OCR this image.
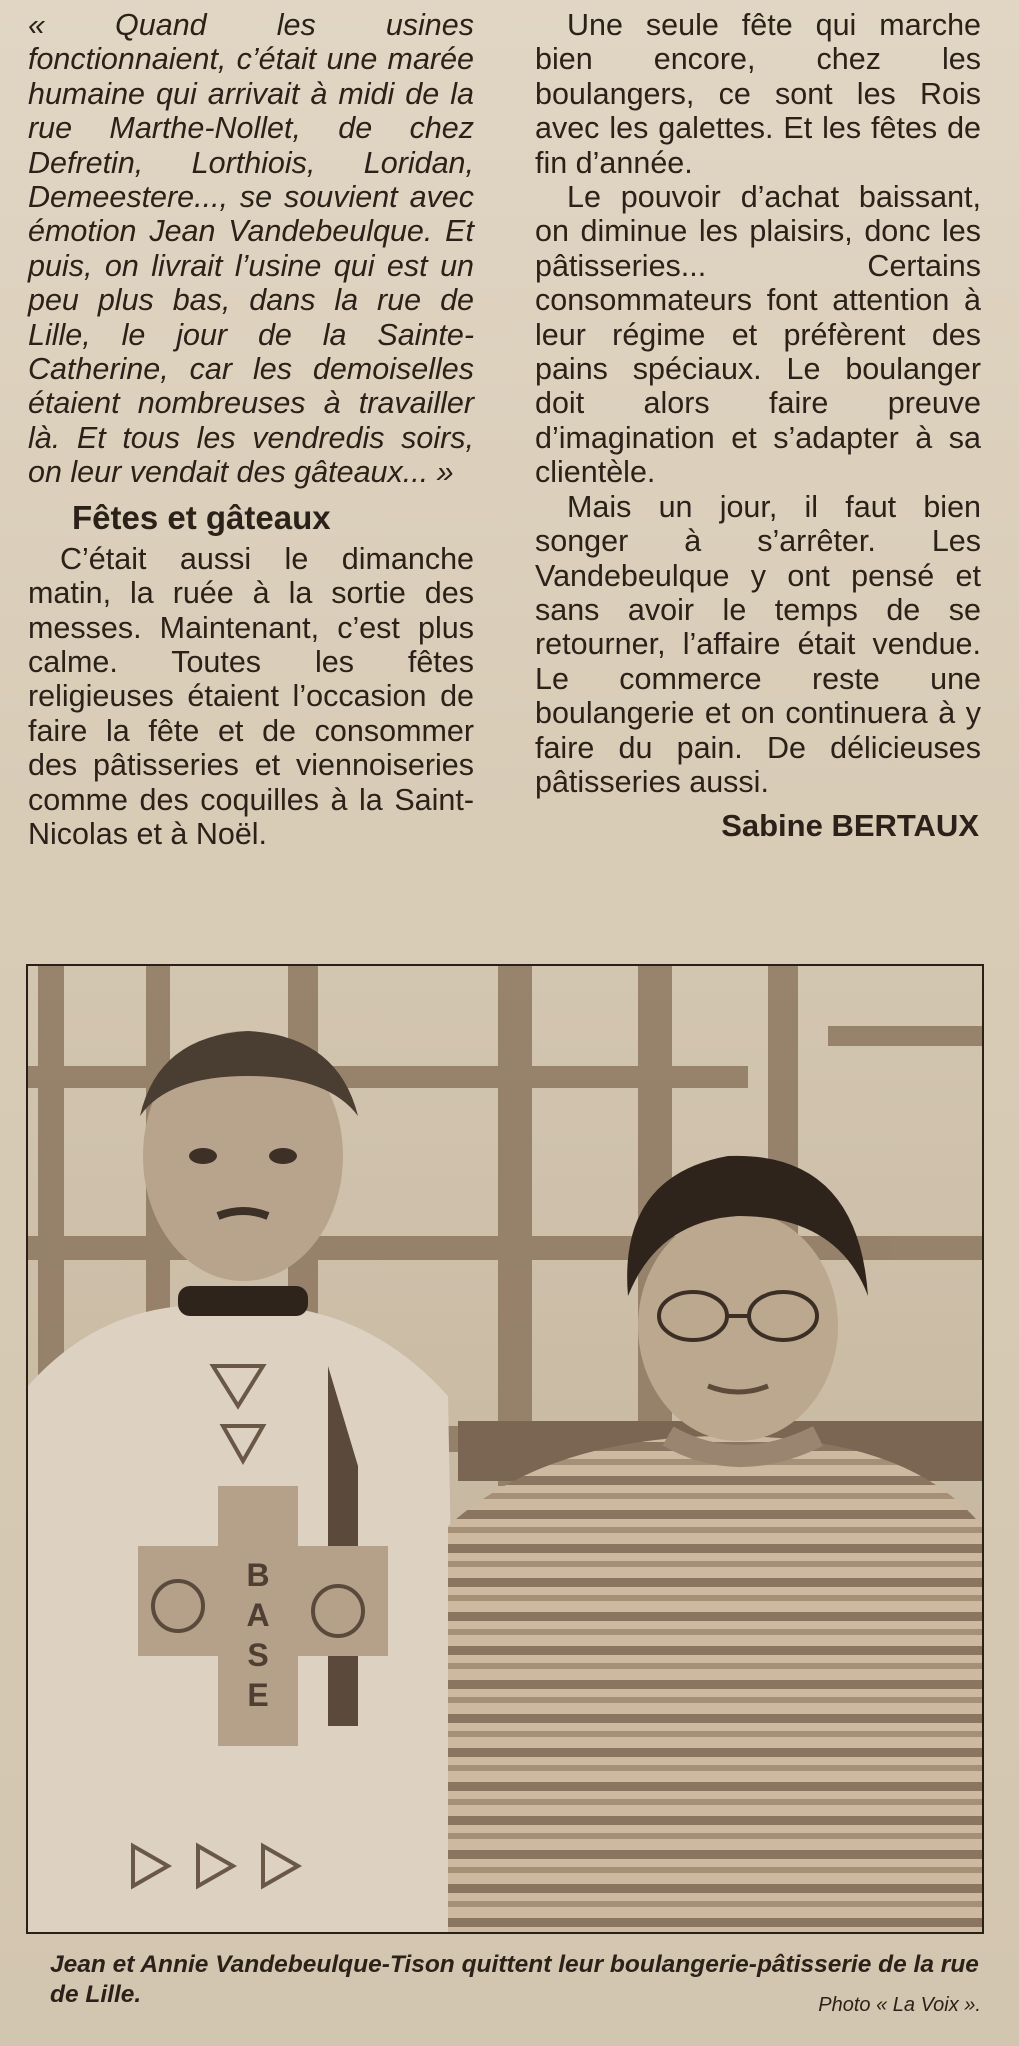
« Quand les usines fonctionnaient, c’était une marée humaine qui arrivait à midi de la rue Marthe-Nollet, de chez Defretin, Lorthiois, Loridan, Demeestere..., se souvient avec émotion Jean Vandebeulque. Et puis, on livrait l’usine qui est un peu plus bas, dans la rue de Lille, le jour de la Sainte-Catherine, car les demoiselles étaient nombreuses à travailler là. Et tous les vendredis soirs, on leur vendait des gâteaux... »

Fêtes et gâteaux

C’était aussi le dimanche matin, la ruée à la sortie des messes. Maintenant, c’est plus calme. Toutes les fêtes religieuses étaient l’occasion de faire la fête et de consommer des pâtisseries et viennoiseries comme des coquilles à la Saint-Nicolas et à Noël.

Une seule fête qui marche bien encore, chez les boulangers, ce sont les Rois avec les galettes. Et les fêtes de fin d’année.

Le pouvoir d’achat baissant, on diminue les plaisirs, donc les pâtisseries... Certains consommateurs font attention à leur régime et préfèrent des pains spéciaux. Le boulanger doit alors faire preuve d’imagination et s’adapter à sa clientèle.

Mais un jour, il faut bien songer à s’arrêter. Les Vandebeulque y ont pensé et sans avoir le temps de se retourner, l’affaire était vendue. Le commerce reste une boulangerie et on continuera à y faire du pain. De délicieuses pâtisseries aussi.

Sabine BERTAUX
B
A
S
E
Jean et Annie Vandebeulque-Tison quittent leur boulangerie-pâtisserie de la rue de Lille.	Photo « La Voix ».
